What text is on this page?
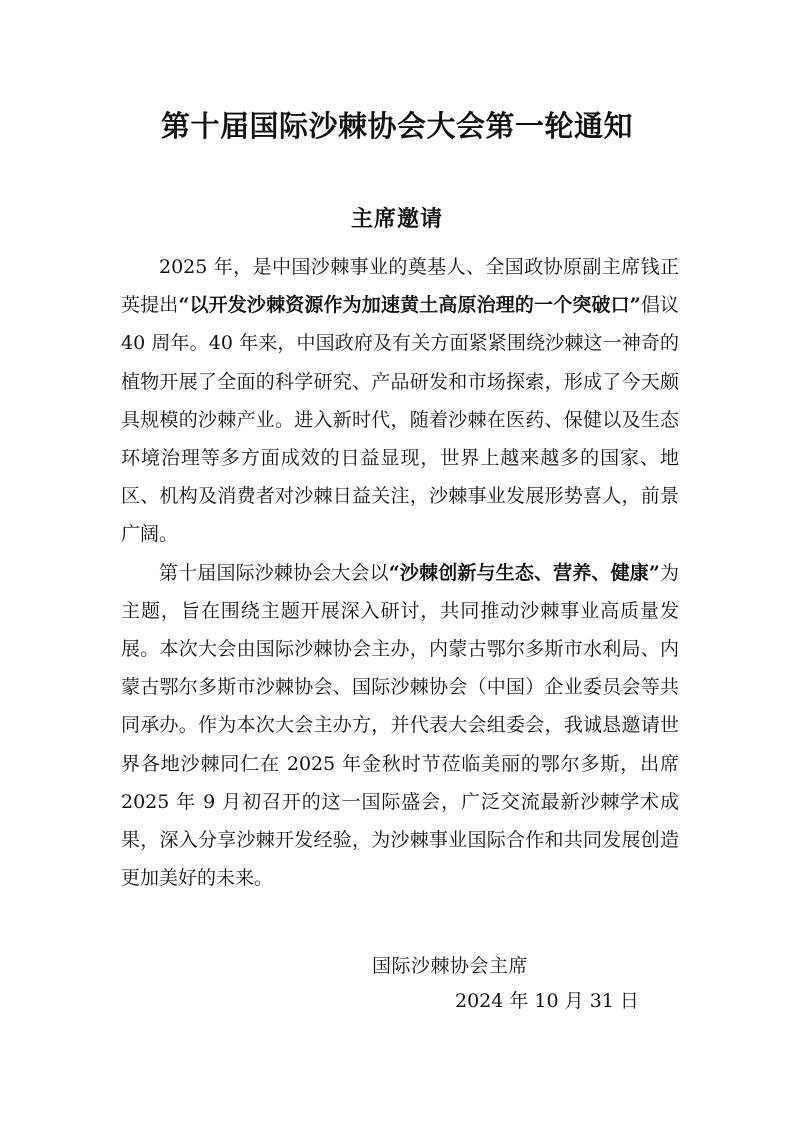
第十届国际沙棘协会大会第一轮通知
主席邀请

2025 年，是中国沙棘事业的奠基人、全国政协原副主席钱正英提出“以开发沙棘资源作为加速黄土高原治理的一个突破口”倡议 40 周年。40 年来，中国政府及有关方面紧紧围绕沙棘这一神奇的植物开展了全面的科学研究、产品研发和市场探索，形成了今天颇具规模的沙棘产业。进入新时代，随着沙棘在医药、保健以及生态环境治理等多方面成效的日益显现，世界上越来越多的国家、地区、机构及消费者对沙棘日益关注，沙棘事业发展形势喜人，前景广阔。

第十届国际沙棘协会大会以“沙棘创新与生态、营养、健康”为主题，旨在围绕主题开展深入研讨，共同推动沙棘事业高质量发展。本次大会由国际沙棘协会主办，内蒙古鄂尔多斯市水利局、内蒙古鄂尔多斯市沙棘协会、国际沙棘协会（中国）企业委员会等共同承办。作为本次大会主办方，并代表大会组委会，我诚恳邀请世界各地沙棘同仁在 2025 年金秋时节莅临美丽的鄂尔多斯，出席 2025 年 9 月初召开的这一国际盛会，广泛交流最新沙棘学术成果，深入分享沙棘开发经验，为沙棘事业国际合作和共同发展创造更加美好的未来。

国际沙棘协会主席
2024 年 10 月 31 日
